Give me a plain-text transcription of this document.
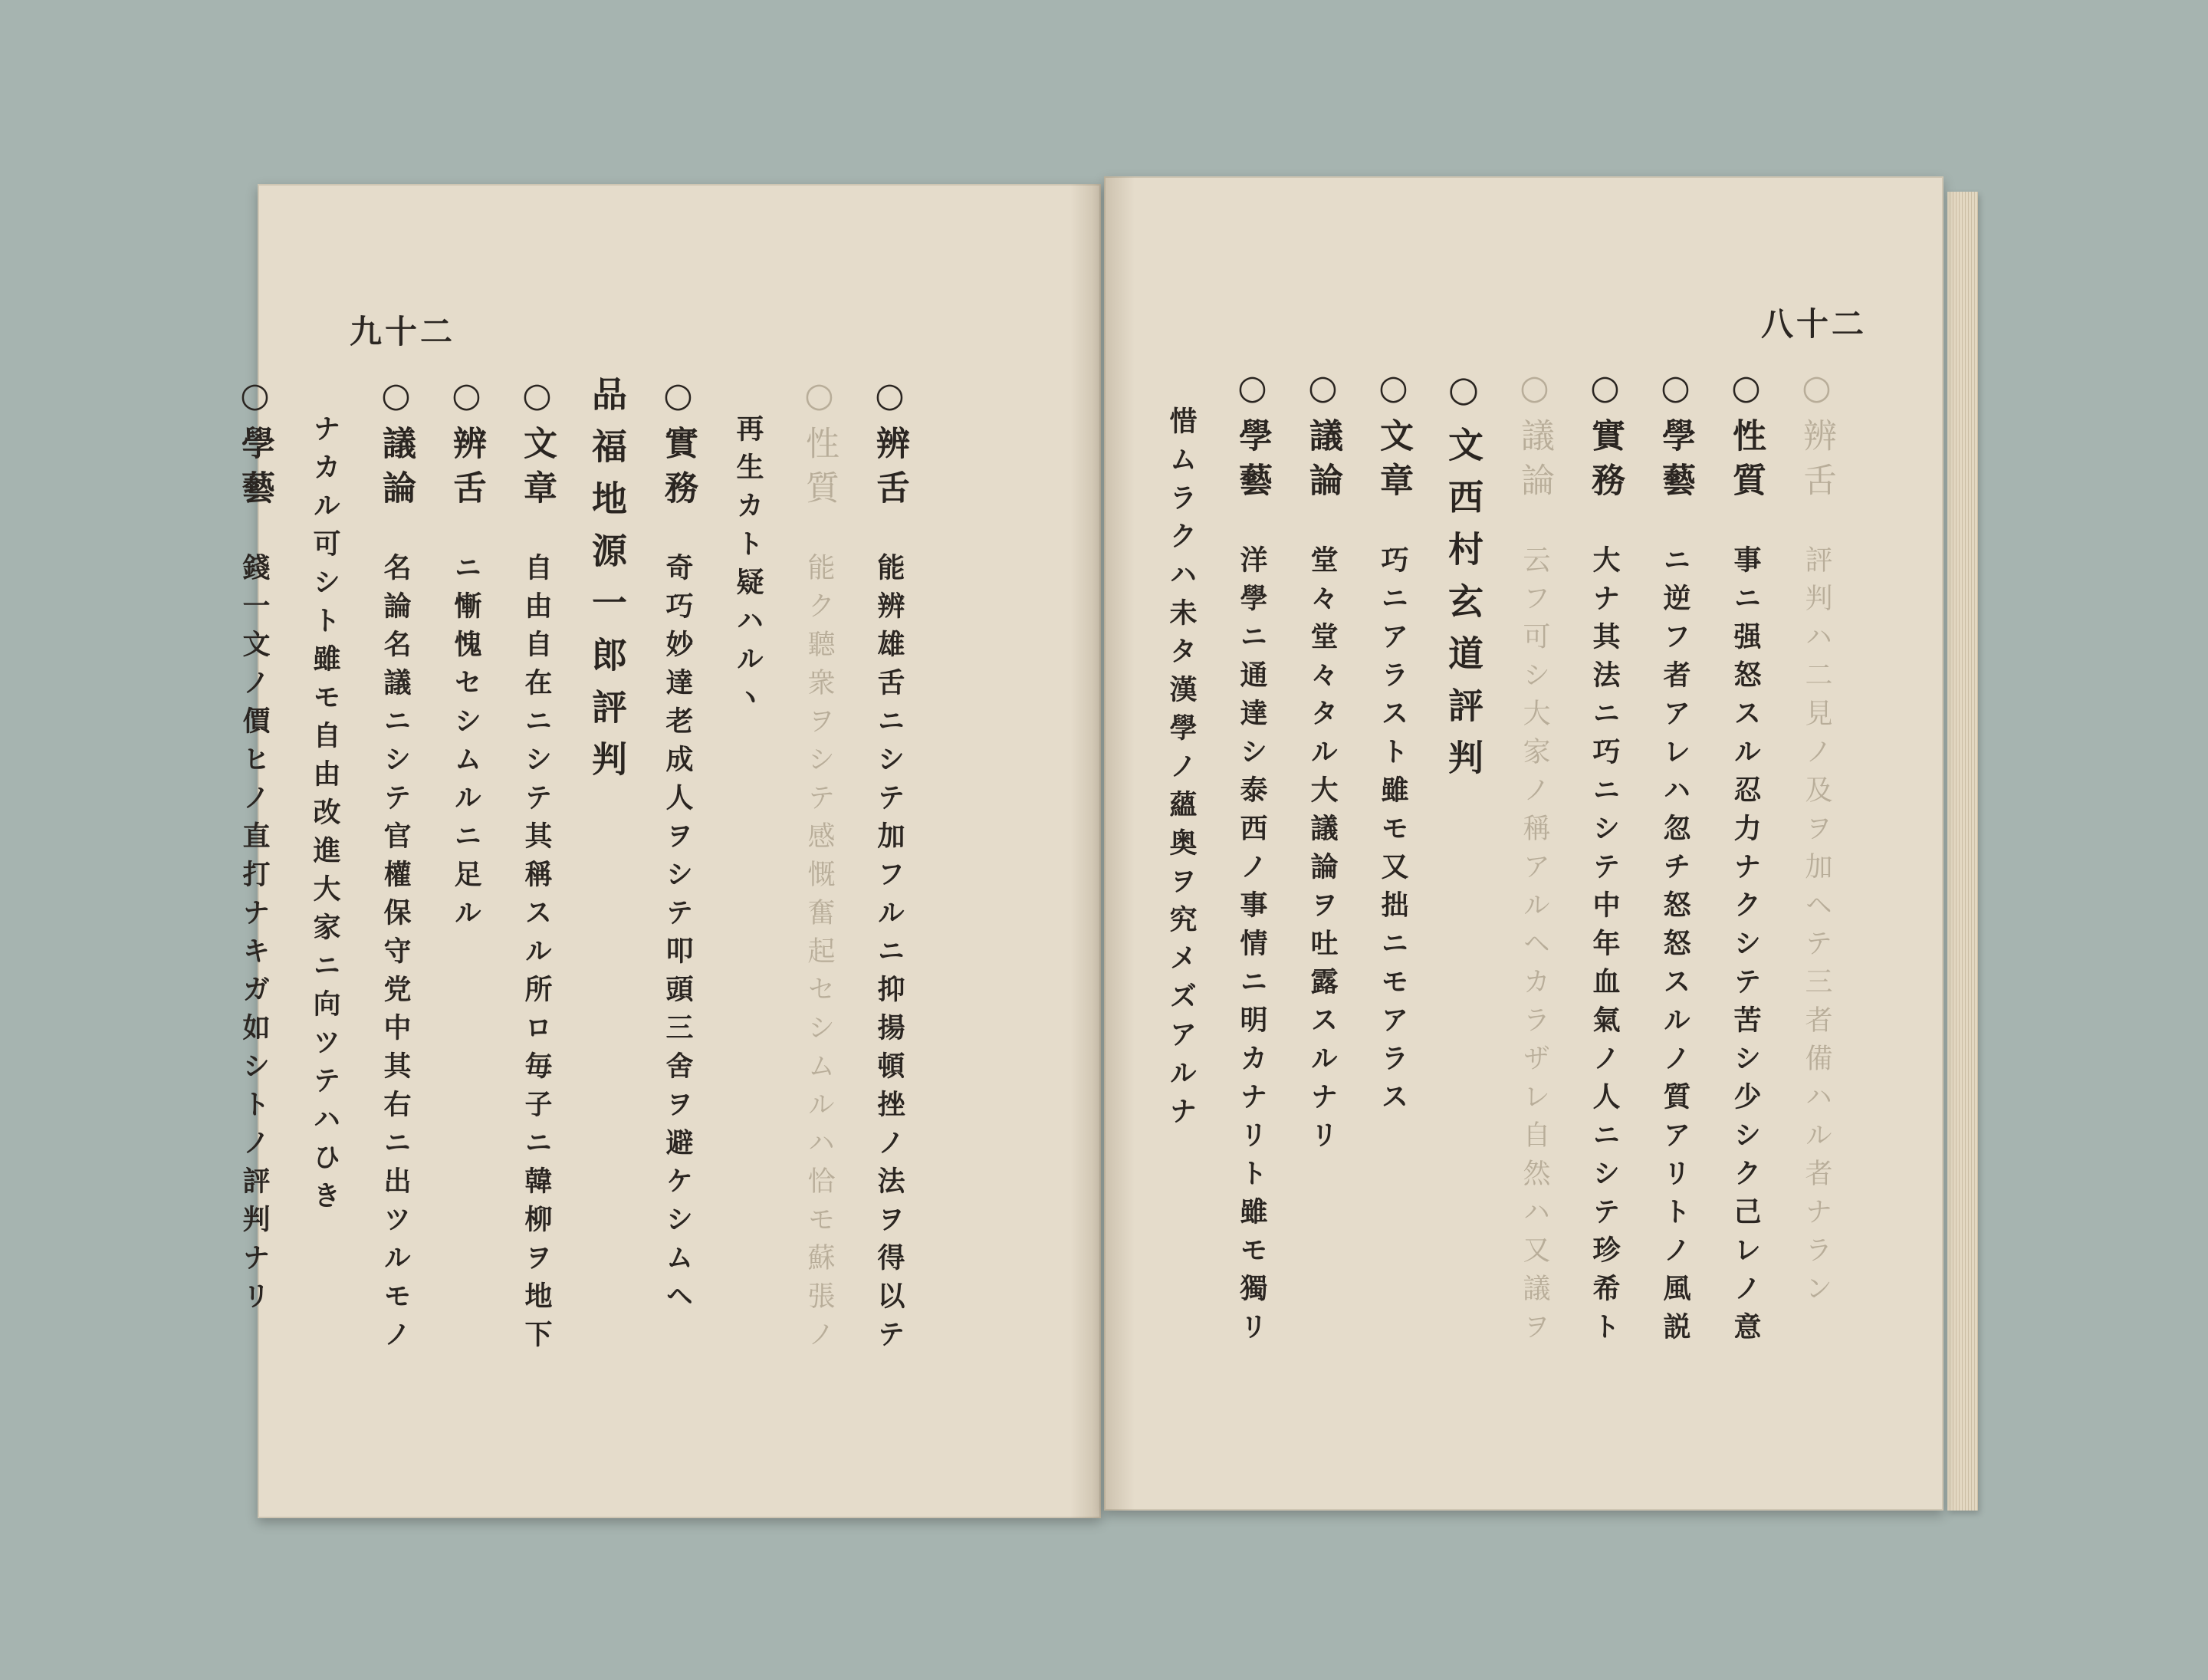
九十二
○辨舌
能辨雄舌ニシテ加フルニ抑揚頓挫ノ法ヲ得以テ
○性質
能ク聽衆ヲシテ感慨奮起セシムルハ恰モ蘇張ノ
再生カト疑ハルヽ
○實務
奇巧妙達老成人ヲシテ叩頭三舍ヲ避ケシムヘ
品福地源一郎評判
○文章
自由自在ニシテ其稱スル所ロ毎子ニ韓柳ヲ地下
○辨舌
ニ慚愧セシムルニ足ル
○議論
名論名議ニシテ官權保守党中其右ニ出ツルモノ
ナカル可シト雖モ自由改進大家ニ向ツテハひき
○學藝
錢一文ノ價ヒノ直打ナキガ如シトノ評判ナリ
八十二
○辨舌
評判ハ二見ノ及ヲ加ヘテ三者備ハル者ナラン
○性質
事ニ强怒スル忍力ナクシテ苦シ少シク己レノ意
○學藝
ニ逆フ者アレハ忽チ怒怒スルノ質アリトノ風説
○實務
大ナ其法ニ巧ニシテ中年血氣ノ人ニシテ珍希ト
○議論
云フ可シ大家ノ稱アルヘカラザレ自然ハ又議ヲ
○文西村玄道評判
○文章
巧ニアラスト雖モ又拙ニモアラス
○議論
堂々堂々タル大議論ヲ吐露スルナリ
○學藝
洋學ニ通達シ泰西ノ事情ニ明カナリト雖モ獨リ
惜ムラクハ未タ漢學ノ蘊奥ヲ究メズアルナ
